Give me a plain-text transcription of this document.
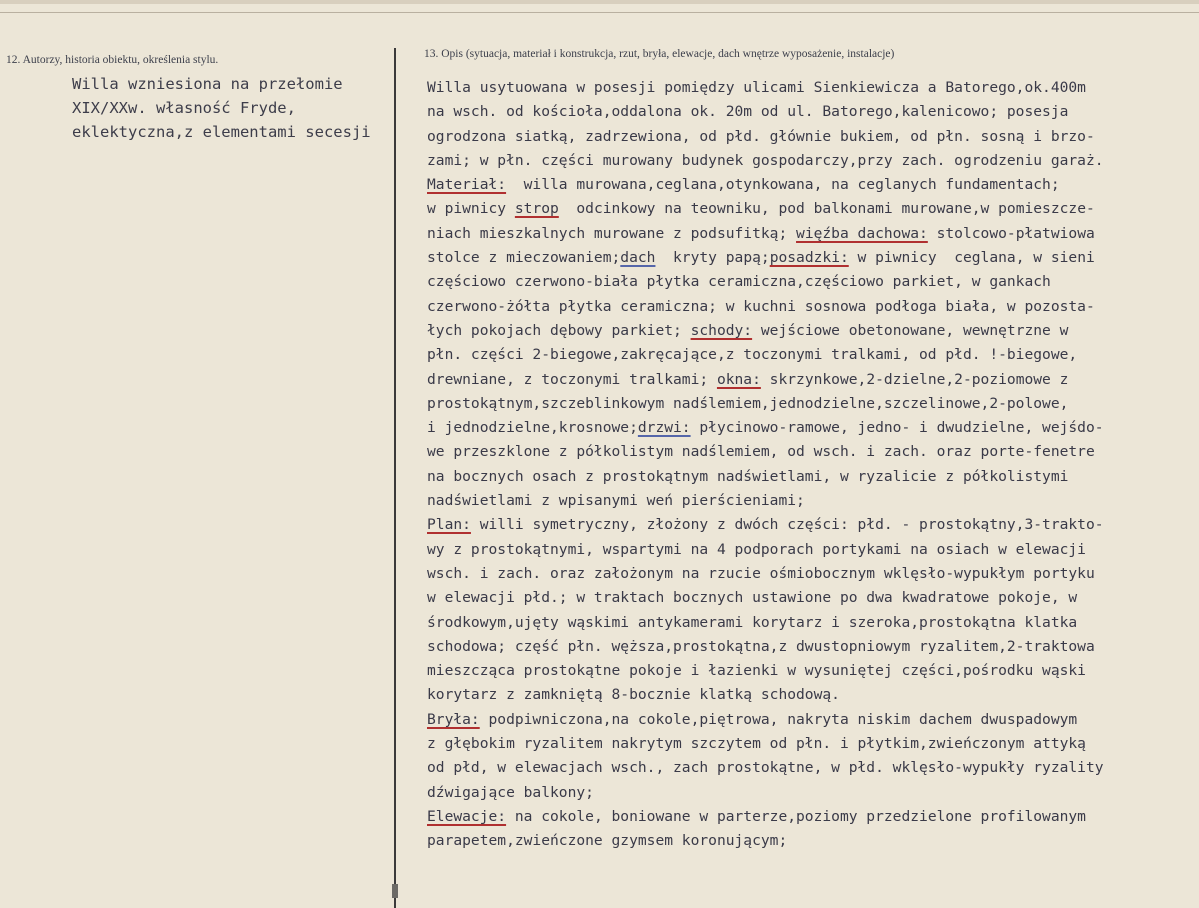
12. Autorzy, historia obiektu, określenia stylu.	13. Opis (sytuacja, materiał i konstrukcja, rzut, bryła, elewacje, dach wnętrze wyposażenie, instalacje)
Willa wzniesiona na przełomie
XIX/XXw. własność Fryde,
eklektyczna,z elementami secesji
Willa usytuowana w posesji pomiędzy ulicami Sienkiewicza a Batorego,ok.400m
na wsch. od kościoła,oddalona ok. 20m od ul. Batorego,kalenicowo; posesja
ogrodzona siatką, zadrzewiona, od płd. głównie bukiem, od płn. sosną i brzo-
zami; w płn. części murowany budynek gospodarczy,przy zach. ogrodzeniu garaż.
Materiał:  willa murowana,ceglana,otynkowana, na ceglanych fundamentach;
w piwnicy strop  odcinkowy na teowniku, pod balkonami murowane,w pomieszcze-
niach mieszkalnych murowane z podsufitką; więźba dachowa: stolcowo-płatwiowa
stolce z mieczowaniem;dach  kryty papą;posadzki: w piwnicy  ceglana, w sieni
częściowo czerwono-biała płytka ceramiczna,częściowo parkiet, w gankach
czerwono-żółta płytka ceramiczna; w kuchni sosnowa podłoga biała, w pozosta-
łych pokojach dębowy parkiet; schody: wejściowe obetonowane, wewnętrzne w
płn. części 2-biegowe,zakręcające,z toczonymi tralkami, od płd. !-biegowe,
drewniane, z toczonymi tralkami; okna: skrzynkowe,2-dzielne,2-poziomowe z
prostokątnym,szczeblinkowym nadślemiem,jednodzielne,szczelinowe,2-polowe,
i jednodzielne,krosnowe;drzwi: płycinowo-ramowe, jedno- i dwudzielne, wejśdo-
we przeszklone z półkolistym nadślemiem, od wsch. i zach. oraz porte-fenetre
na bocznych osach z prostokątnym nadświetlami, w ryzalicie z półkolistymi
nadświetlami z wpisanymi weń pierścieniami;
Plan: willi symetryczny, złożony z dwóch części: płd. - prostokątny,3-trakto-
wy z prostokątnymi, wspartymi na 4 podporach portykami na osiach w elewacji
wsch. i zach. oraz założonym na rzucie ośmiobocznym wklęsło-wypukłym portyku
w elewacji płd.; w traktach bocznych ustawione po dwa kwadratowe pokoje, w
środkowym,ujęty wąskimi antykamerami korytarz i szeroka,prostokątna klatka
schodowa; część płn. węższa,prostokątna,z dwustopniowym ryzalitem,2-traktowa
mieszcząca prostokątne pokoje i łazienki w wysuniętej części,pośrodku wąski
korytarz z zamkniętą 8-bocznie klatką schodową.
Bryła: podpiwniczona,na cokole,piętrowa, nakryta niskim dachem dwuspadowym
z głębokim ryzalitem nakrytym szczytem od płn. i płytkim,zwieńczonym attyką
od płd, w elewacjach wsch., zach prostokątne, w płd. wklęsło-wypukły ryzality
dźwigające balkony;
Elewacje: na cokole, boniowane w parterze,poziomy przedzielone profilowanym
parapetem,zwieńczone gzymsem koronującym;
